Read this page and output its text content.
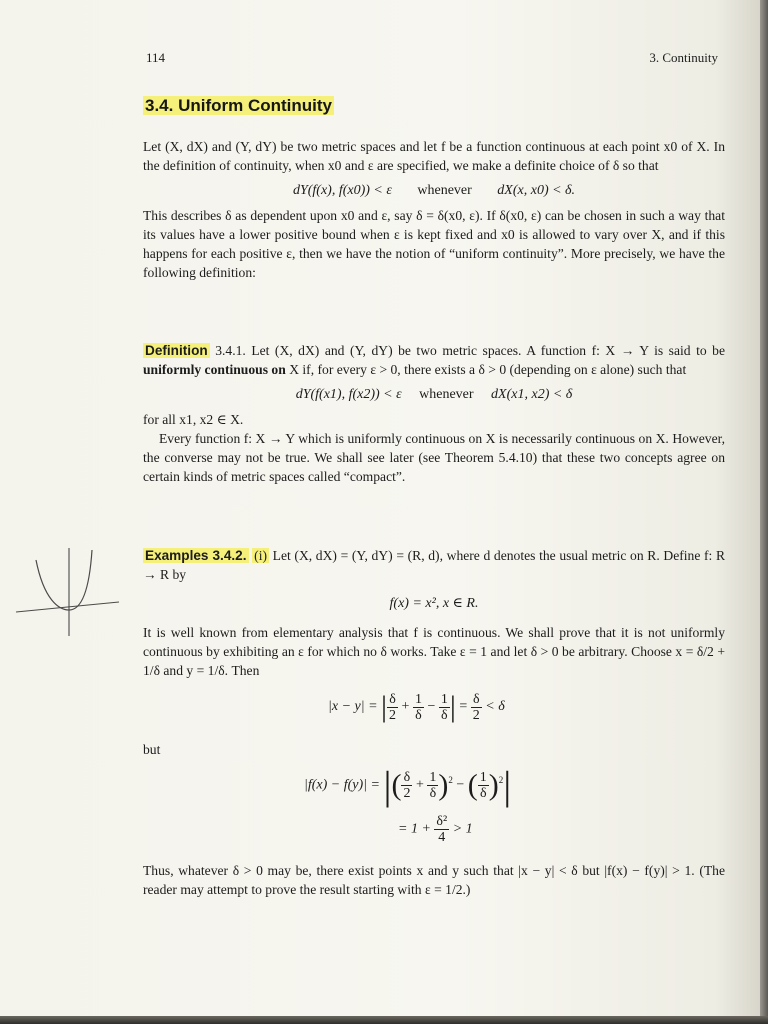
114	3. Continuity
3.4. Uniform Continuity

Let (X, dX) and (Y, dY) be two metric spaces and let f be a function continuous at each point x0 of X. In the definition of continuity, when x0 and ε are specified, we make a definite choice of δ so that

dY(f(x), f(x0)) < ε whenever dX(x, x0) < δ.

This describes δ as dependent upon x0 and ε, say δ = δ(x0, ε). If δ(x0, ε) can be chosen in such a way that its values have a lower positive bound when ε is kept fixed and x0 is allowed to vary over X, and if this happens for each positive ε, then we have the notion of “uniform continuity”. More precisely, we have the following definition:

Definition 3.4.1. Let (X, dX) and (Y, dY) be two metric spaces. A function f: X → Y is said to be uniformly continuous on X if, for every ε > 0, there exists a δ > 0 (depending on ε alone) such that

dY(f(x1), f(x2)) < ε whenever dX(x1, x2) < δ

for all x1, x2 ∈ X.

Every function f: X → Y which is uniformly continuous on X is necessarily continuous on X. However, the converse may not be true. We shall see later (see Theorem 5.4.10) that these two concepts agree on certain kinds of metric spaces called “compact”.

Examples 3.4.2. (i) Let (X, dX) = (Y, dY) = (R, d), where d denotes the usual metric on R. Define f: R → R by

f(x) = x², x ∈ R.

It is well known from elementary analysis that f is continuous. We shall prove that it is not uniformly continuous by exhibiting an ε for which no δ works. Take ε = 1 and let δ > 0 be arbitrary. Choose x = δ/2 + 1/δ and y = 1/δ. Then

|x − y| = | $\frac{\delta}{2} + \frac{1}{\delta} - \frac{1}{\delta}$ | = $\frac{\delta}{2} < \delta$
but
|f(x) − f(y)| = |( $\frac{\delta}{2} + \frac{1}{\delta} )^2$ − ( $\frac{1}{\delta} )^2|$
= $1 + \frac{\text{δ²}}{4} > 1$

Thus, whatever δ > 0 may be, there exist points x and y such that |x − y| < δ but |f(x) − f(y)| > 1. (The reader may attempt to prove the result starting with ε = 1/2.)
